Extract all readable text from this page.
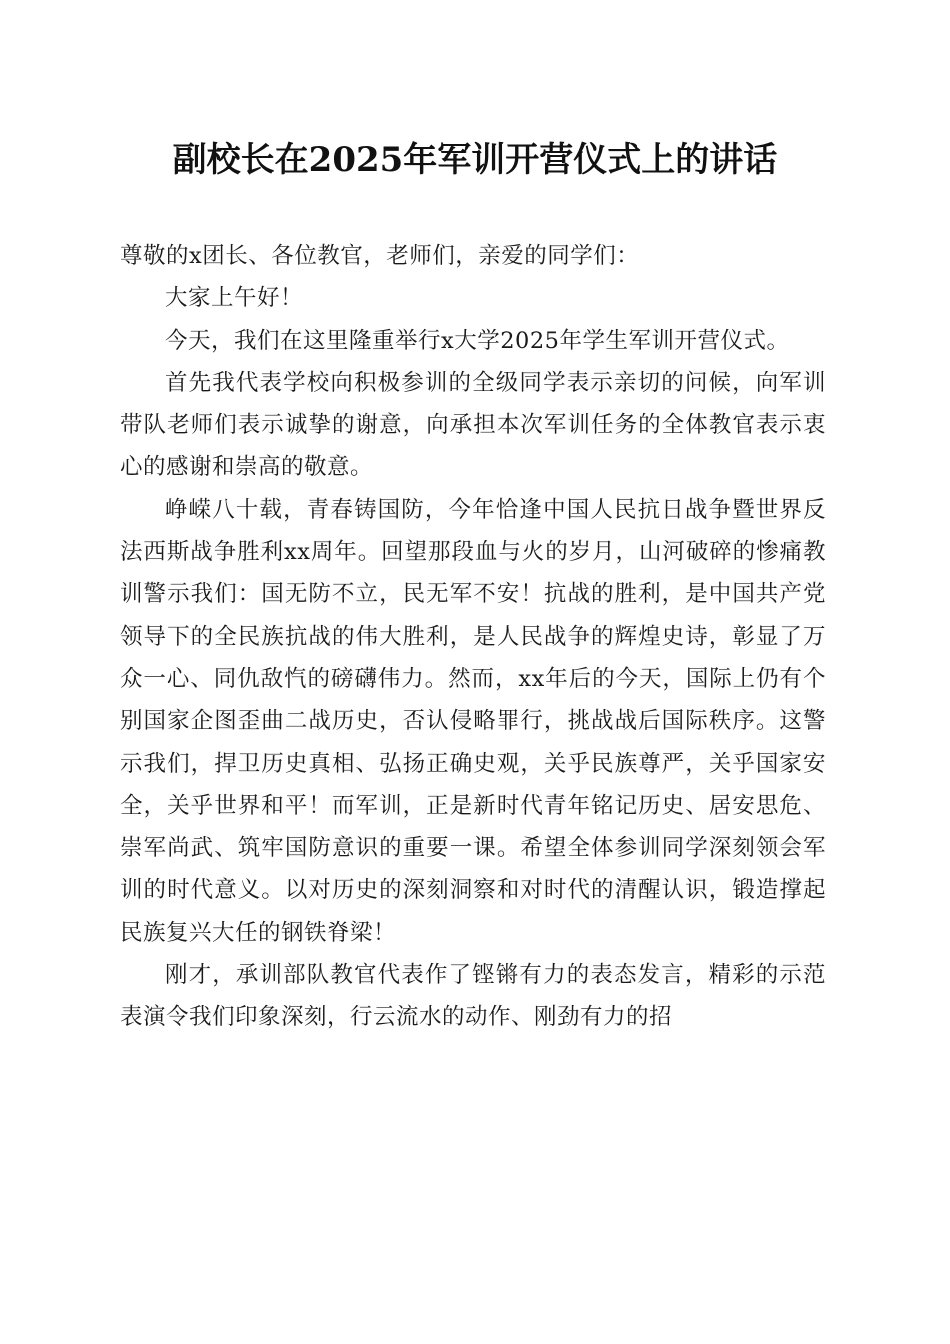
副校长在2025年军训开营仪式上的讲话

尊敬的x团长、各位教官，老师们，亲爱的同学们：

大家上午好！

今天，我们在这里隆重举行x大学2025年学生军训开营仪式。

首先我代表学校向积极参训的全级同学表示亲切的问候，向军训带队老师们表示诚挚的谢意，向承担本次军训任务的全体教官表示衷心的感谢和崇高的敬意。

峥嵘八十载，青春铸国防，今年恰逢中国人民抗日战争暨世界反法西斯战争胜利xx周年。回望那段血与火的岁月，山河破碎的惨痛教训警示我们：国无防不立，民无军不安！抗战的胜利，是中国共产党领导下的全民族抗战的伟大胜利，是人民战争的辉煌史诗，彰显了万众一心、同仇敌忾的磅礴伟力。然而，xx年后的今天，国际上仍有个别国家企图歪曲二战历史，否认侵略罪行，挑战战后国际秩序。这警示我们，捍卫历史真相、弘扬正确史观，关乎民族尊严，关乎国家安全，关乎世界和平！而军训，正是新时代青年铭记历史、居安思危、崇军尚武、筑牢国防意识的重要一课。希望全体参训同学深刻领会军训的时代意义。以对历史的深刻洞察和对时代的清醒认识，锻造撑起民族复兴大任的钢铁脊梁！

刚才，承训部队教官代表作了铿锵有力的表态发言，精彩的示范表演令我们印象深刻，行云流水的动作、刚劲有力的招
